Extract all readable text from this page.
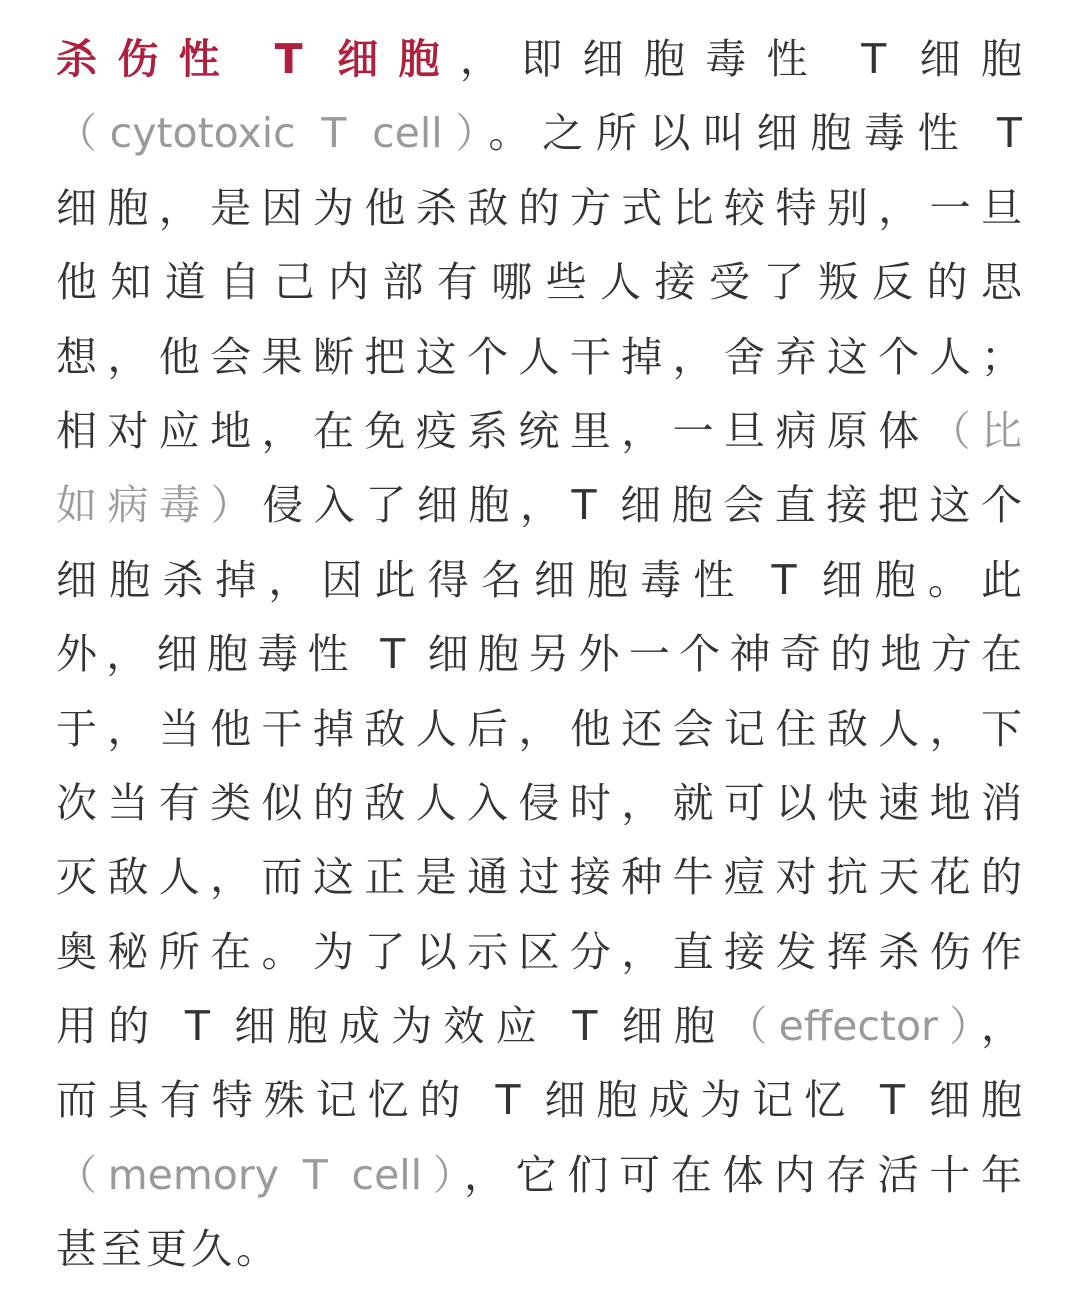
杀伤性 T 细胞，即细胞毒性 T 细胞
（cytotoxic T cell）。之所以叫细胞毒性 T
细胞，是因为他杀敌的方式比较特别，一旦
他知道自己内部有哪些人接受了叛反的思
想，他会果断把这个人干掉，舍弃这个人；
相对应地，在免疫系统里，一旦病原体（比
如病毒）侵入了细胞，T 细胞会直接把这个
细胞杀掉，因此得名细胞毒性 T 细胞。此
外，细胞毒性 T 细胞另外一个神奇的地方在
于，当他干掉敌人后，他还会记住敌人，下
次当有类似的敌人入侵时，就可以快速地消
灭敌人，而这正是通过接种牛痘对抗天花的
奥秘所在。为了以示区分，直接发挥杀伤作
用的 T 细胞成为效应 T 细胞（effector），
而具有特殊记忆的 T 细胞成为记忆 T 细胞
（memory T cell），它们可在体内存活十年
甚至更久。
